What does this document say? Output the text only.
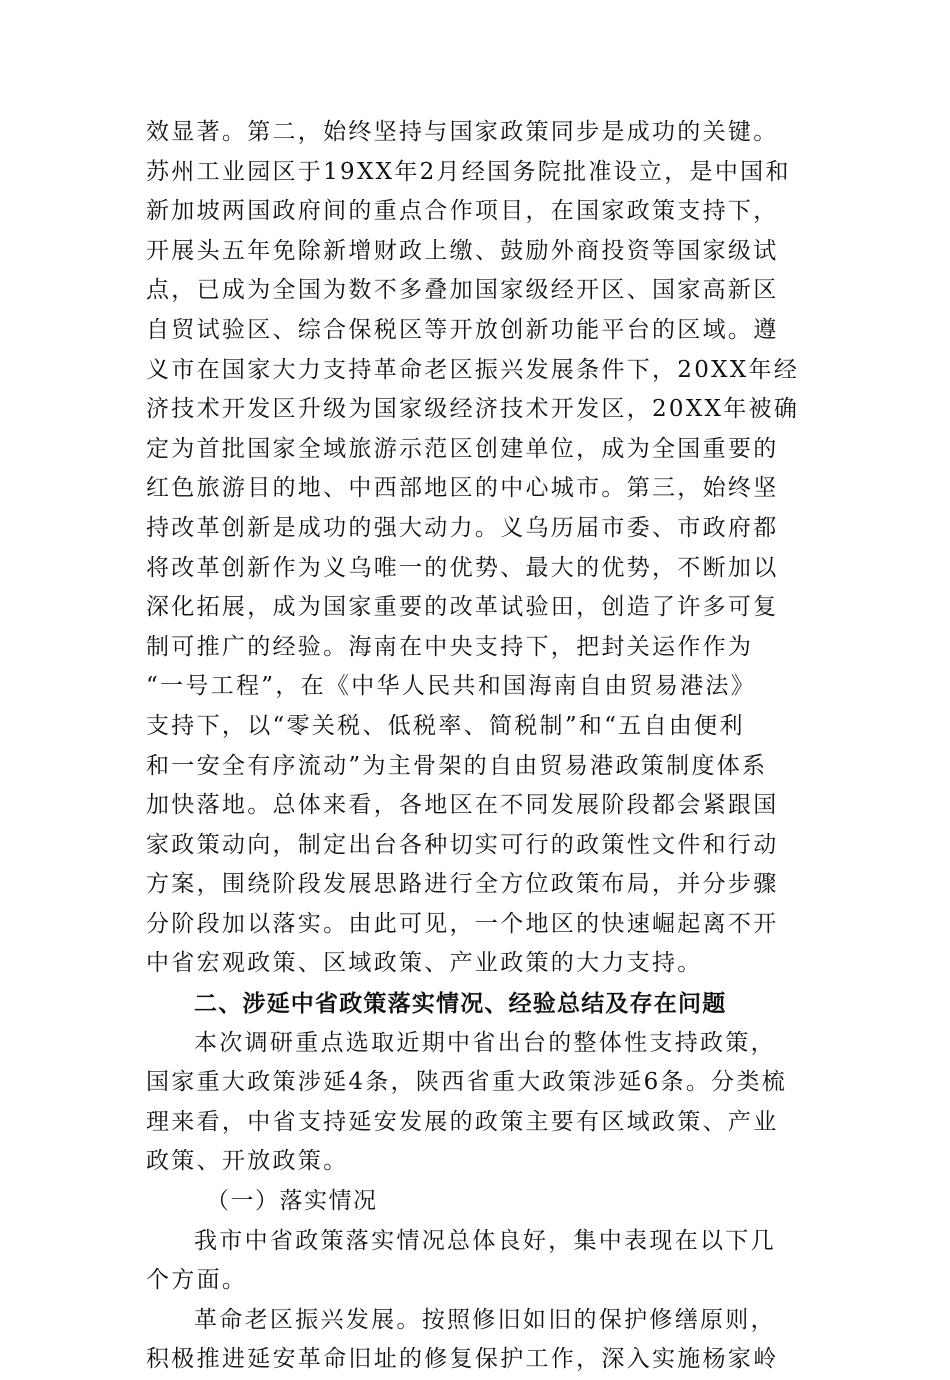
效显著。第二，始终坚持与国家政策同步是成功的关键。
苏州工业园区于19XX年2月经国务院批准设立，是中国和
新加坡两国政府间的重点合作项目，在国家政策支持下，
开展头五年免除新增财政上缴、鼓励外商投资等国家级试
点，已成为全国为数不多叠加国家级经开区、国家高新区
自贸试验区、综合保税区等开放创新功能平台的区域。遵
义市在国家大力支持革命老区振兴发展条件下，20XX年经
济技术开发区升级为国家级经济技术开发区，20XX年被确
定为首批国家全域旅游示范区创建单位，成为全国重要的
红色旅游目的地、中西部地区的中心城市。第三，始终坚
持改革创新是成功的强大动力。义乌历届市委、市政府都
将改革创新作为义乌唯一的优势、最大的优势，不断加以
深化拓展，成为国家重要的改革试验田，创造了许多可复
制可推广的经验。海南在中央支持下，把封关运作作为
“一号工程”，在《中华人民共和国海南自由贸易港法》
支持下，以“零关税、低税率、简税制”和“五自由便利
和一安全有序流动”为主骨架的自由贸易港政策制度体系
加快落地。总体来看，各地区在不同发展阶段都会紧跟国
家政策动向，制定出台各种切实可行的政策性文件和行动
方案，围绕阶段发展思路进行全方位政策布局，并分步骤
分阶段加以落实。由此可见，一个地区的快速崛起离不开
中省宏观政策、区域政策、产业政策的大力支持。
二、涉延中省政策落实情况、经验总结及存在问题
本次调研重点选取近期中省出台的整体性支持政策，
国家重大政策涉延4条，陕西省重大政策涉延6条。分类梳
理来看，中省支持延安发展的政策主要有区域政策、产业
政策、开放政策。
（一）落实情况
我市中省政策落实情况总体良好，集中表现在以下几
个方面。
革命老区振兴发展。按照修旧如旧的保护修缮原则，
积极推进延安革命旧址的修复保护工作，深入实施杨家岭
